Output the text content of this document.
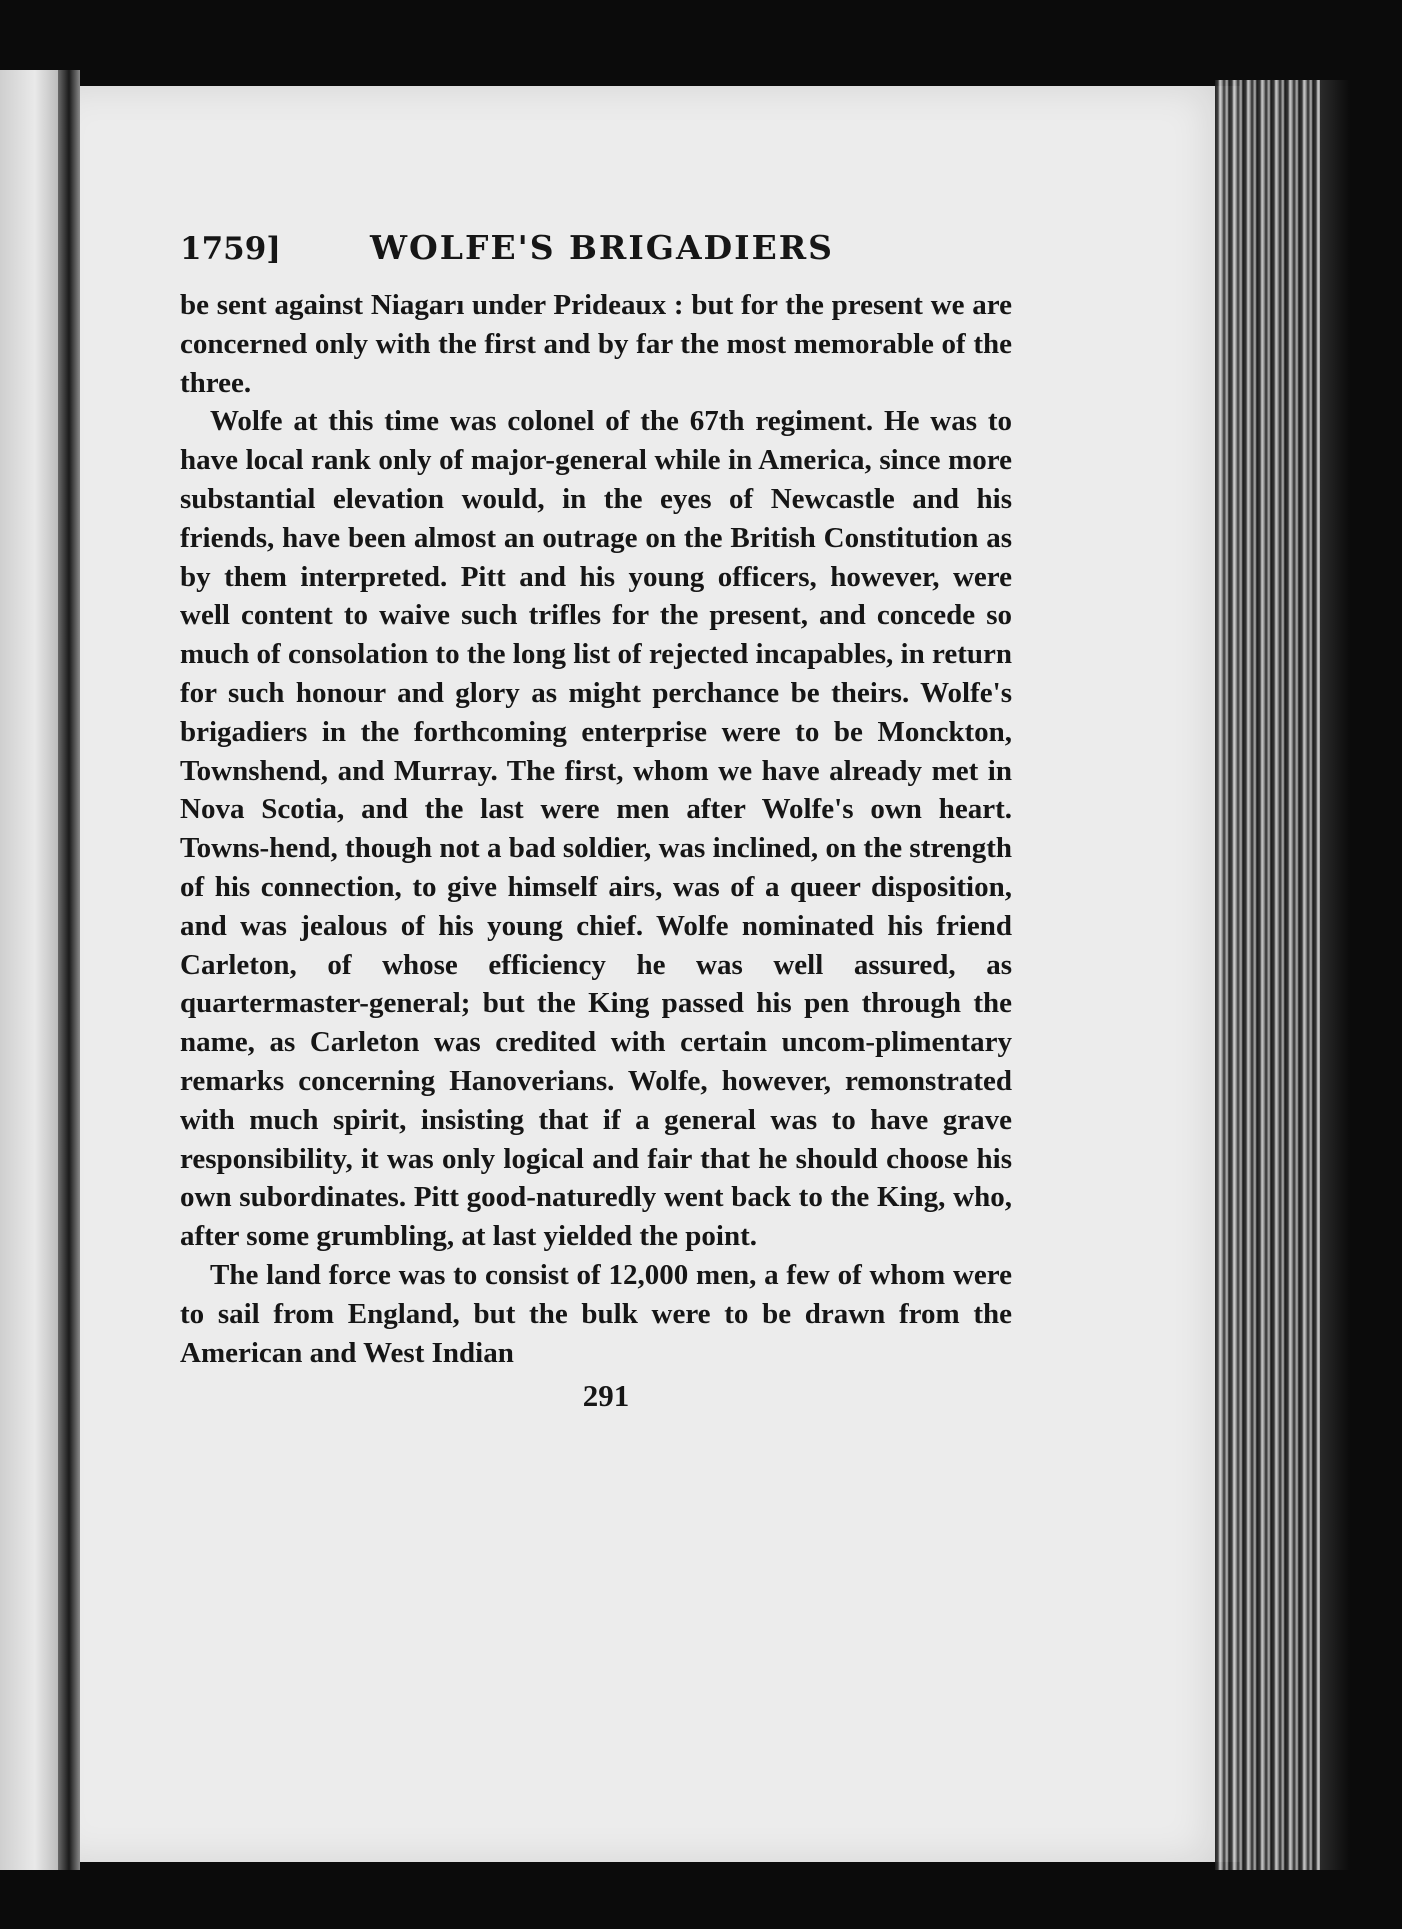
1759]	WOLFE'S BRIGADIERS

be sent against Niagarı under Prideaux : but for the present we are concerned only with the first and by far the most memorable of the three.

Wolfe at this time was colonel of the 67th regiment. He was to have local rank only of major-general while in America, since more substantial elevation would, in the eyes of Newcastle and his friends, have been almost an outrage on the British Constitution as by them interpreted. Pitt and his young officers, however, were well content to waive such trifles for the present, and concede so much of consolation to the long list of rejected incapables, in return for such honour and glory as might perchance be theirs. Wolfe's brigadiers in the forthcoming enterprise were to be Monckton, Townshend, and Murray. The first, whom we have already met in Nova Scotia, and the last were men after Wolfe's own heart. Towns-hend, though not a bad soldier, was inclined, on the strength of his connection, to give himself airs, was of a queer disposition, and was jealous of his young chief. Wolfe nominated his friend Carleton, of whose efficiency he was well assured, as quartermaster-general; but the King passed his pen through the name, as Carleton was credited with certain uncom-plimentary remarks concerning Hanoverians. Wolfe, however, remonstrated with much spirit, insisting that if a general was to have grave responsibility, it was only logical and fair that he should choose his own subordinates. Pitt good-naturedly went back to the King, who, after some grumbling, at last yielded the point.

The land force was to consist of 12,000 men, a few of whom were to sail from England, but the bulk were to be drawn from the American and West Indian

291
